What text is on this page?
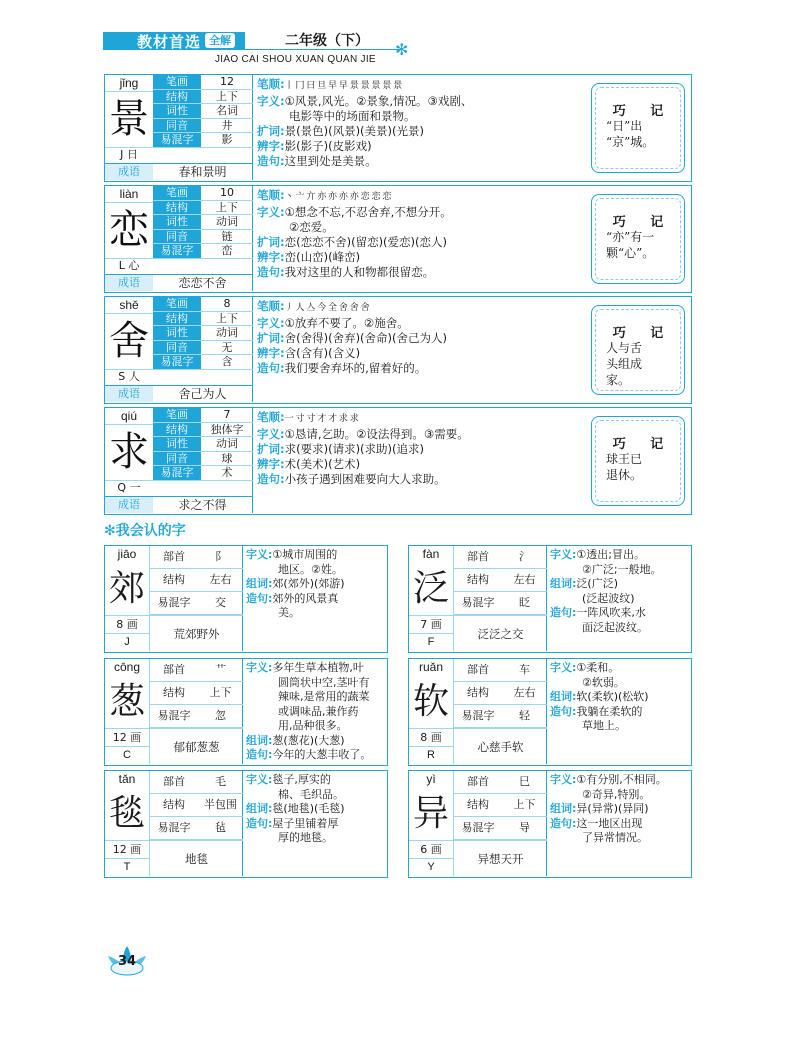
教材首选 全解	二年级（下）
JIAO CAI SHOU XUAN QUAN JIE
✻
jǐng
景
J 日
笔画	12
结构	上下
词性	名词
同音	井
易混字	影
成语	春和景明
笔顺:丨 冂 曰 旦 早 早 景 景 景 景 景
字义:①风景,风光。②景象,情况。③戏剧、
电影等中的场面和景物。
扩词:景(景色)(风景)(美景)(光景)
辨字:影(影子)(皮影戏)
造句:这里到处是美景。
巧 记
“日”出
“京”城。
liàn
恋
L 心
笔画	10
结构	上下
词性	动词
同音	链
易混字	峦
成语	恋恋不舍
笔顺:丶 亠 亣 亦 亦 亦 亦 恋 恋 恋
字义:①想念不忘,不忍舍弃,不想分开。
②恋爱。
扩词:恋(恋恋不舍)(留恋)(爱恋)(恋人)
辨字:峦(山峦)(峰峦)
造句:我对这里的人和物都很留恋。
巧 记
“亦”有一
颗“心”。
shě
舍
S 人
笔画	8
结构	上下
词性	动词
同音	无
易混字	含
成语	舍己为人
笔顺:丿 人 亼 今 全 舍 舍 舍
字义:①放弃不要了。②施舍。
扩词:舍(舍得)(舍弃)(舍命)(舍己为人)
辨字:含(含有)(含义)
造句:我们要舍弃坏的,留着好的。
巧 记
人与舌
头组成
家。
qiú
求
Q 一
笔画	7
结构	独体字
词性	动词
同音	球
易混字	术
成语	求之不得
笔顺:一 寸 寸 才 才 求 求
字义:①恳请,乞助。②设法得到。③需要。
扩词:求(要求)(请求)(求助)(追求)
辨字:术(美术)(艺术)
造句:小孩子遇到困难要向大人求助。
巧 记
球王已
退休。
✻我会认的字
jiāo
郊
部首	阝
结构	左右
易混字	交
8 画
J
荒郊野外
字义:①城市周围的
地区。②姓。
组词:郊(郊外)(郊游)
造句:郊外的风景真
美。
fàn
泛
部首	氵
结构	左右
易混字	眨
7 画
F
泛泛之交
字义:①透出;冒出。
②广泛;一般地。
组词:泛(广泛)
(泛起波纹)
造句:一阵风吹来,水
面泛起波纹。
cōng
葱
部首	艹
结构	上下
易混字	忽
12 画
C
郁郁葱葱
字义:多年生草本植物,叶
圆筒状中空,茎叶有
辣味,是常用的蔬菜
或调味品,兼作药
用,品种很多。
组词:葱(葱花)(大葱)
造句:今年的大葱丰收了。
ruǎn
软
部首	车
结构	左右
易混字	轻
8 画
R
心慈手软
字义:①柔和。
②软弱。
组词:软(柔软)(松软)
造句:我躺在柔软的
草地上。
tǎn
毯
部首	毛
结构	半包围
易混字	毡
12 画
T
地毯
字义:毯子,厚实的
棉、毛织品。
组词:毯(地毯)(毛毯)
造句:屋子里铺着厚
厚的地毯。
yì
异
部首	巳
结构	上下
易混字	导
6 画
Y
异想天开
字义:①有分别,不相同。
②奇异,特别。
组词:异(异常)(异同)
造句:这一地区出现
了异常情况。
34
